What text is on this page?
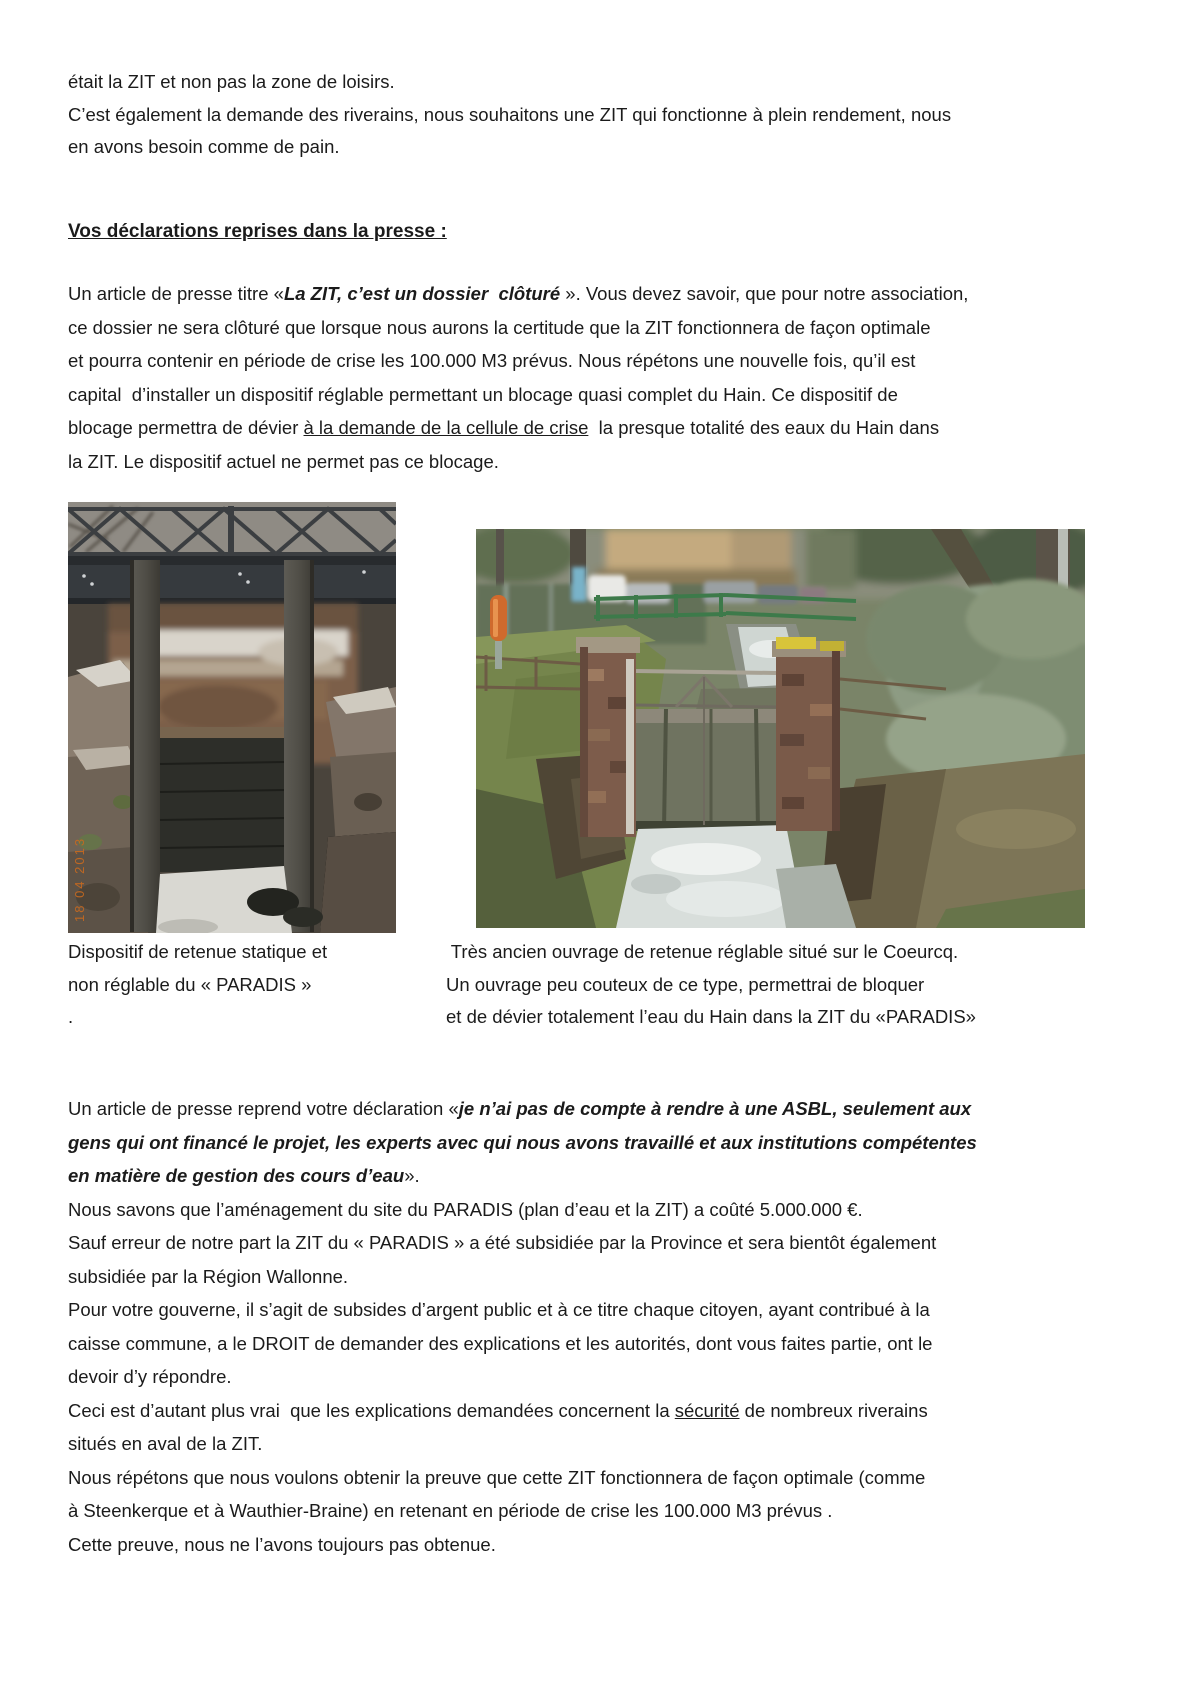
était la ZIT et non pas la zone de loisirs.
C’est également la demande des riverains, nous souhaitons une ZIT qui fonctionne à plein rendement, nous
en avons besoin comme de pain.
Vos déclarations reprises dans la presse :
Un article de presse titre «La ZIT, c’est un dossier  clôturé ». Vous devez savoir, que pour notre association,
ce dossier ne sera clôturé que lorsque nous aurons la certitude que la ZIT fonctionnera de façon optimale
et pourra contenir en période de crise les 100.000 M3 prévus. Nous répétons une nouvelle fois, qu’il est
capital  d’installer un dispositif réglable permettant un blocage quasi complet du Hain. Ce dispositif de
blocage permettra de dévier à la demande de la cellule de crise  la presque totalité des eaux du Hain dans
la ZIT. Le dispositif actuel ne permet pas ce blocage.
18 04 2013
Dispositif de retenue statique et
non réglable du « PARADIS »
.
Très ancien ouvrage de retenue réglable situé sur le Coeurcq.
Un ouvrage peu couteux de ce type, permettrai de bloquer
et de dévier totalement l’eau du Hain dans la ZIT du «PARADIS»
Un article de presse reprend votre déclaration «je n’ai pas de compte à rendre à une ASBL, seulement aux
gens qui ont financé le projet, les experts avec qui nous avons travaillé et aux institutions compétentes
en matière de gestion des cours d’eau».
Nous savons que l’aménagement du site du PARADIS (plan d’eau et la ZIT) a coûté 5.000.000 €.
Sauf erreur de notre part la ZIT du « PARADIS » a été subsidiée par la Province et sera bientôt également
subsidiée par la Région Wallonne.
Pour votre gouverne, il s’agit de subsides d’argent public et à ce titre chaque citoyen, ayant contribué à la
caisse commune, a le DROIT de demander des explications et les autorités, dont vous faites partie, ont le
devoir d’y répondre.
Ceci est d’autant plus vrai  que les explications demandées concernent la sécurité de nombreux riverains
situés en aval de la ZIT.
Nous répétons que nous voulons obtenir la preuve que cette ZIT fonctionnera de façon optimale (comme
à Steenkerque et à Wauthier-Braine) en retenant en période de crise les 100.000 M3 prévus .
Cette preuve, nous ne l’avons toujours pas obtenue.
